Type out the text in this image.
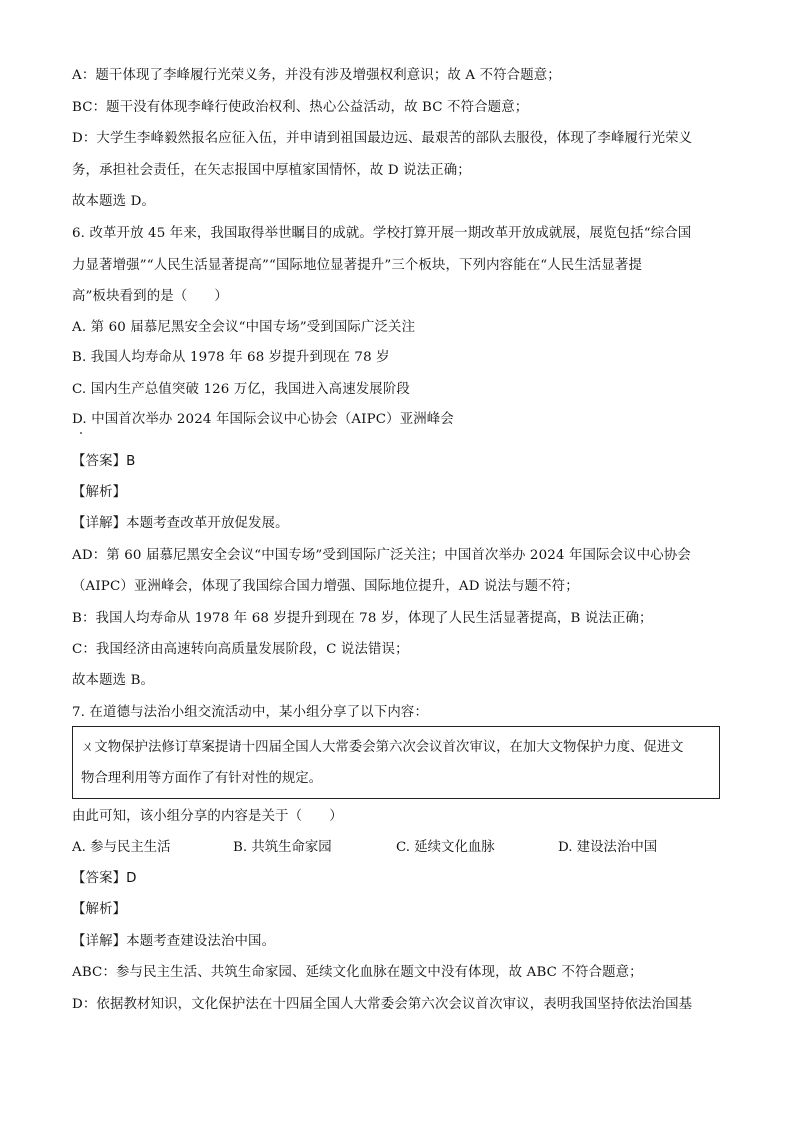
A：题干体现了李峰履行光荣义务，并没有涉及增强权利意识；故 A 不符合题意；
BC：题干没有体现李峰行使政治权利、热心公益活动，故 BC 不符合题意；
D：大学生李峰毅然报名应征入伍，并申请到祖国最边远、最艰苦的部队去服役，体现了李峰履行光荣义
务，承担社会责任，在矢志报国中厚植家国情怀，故 D 说法正确；
故本题选 D。
6. 改革开放 45 年来，我国取得举世瞩目的成就。学校打算开展一期改革开放成就展，展览包括“综合国
力显著增强”“人民生活显著提高”“国际地位显著提升”三个板块，下列内容能在“人民生活显著提
高”板块看到的是（　　）
A. 第 60 届慕尼黑安全会议“中国专场”受到国际广泛关注
B. 我国人均寿命从 1978 年 68 岁提升到现在 78 岁
C. 国内生产总值突破 126 万亿，我国进入高速发展阶段
D. 中国首次举办 2024 年国际会议中心协会（AIPC）亚洲峰会
【答案】B
【解析】
【详解】本题考查改革开放促发展。
AD：第 60 届慕尼黑安全会议“中国专场”受到国际广泛关注；中国首次举办 2024 年国际会议中心协会
（AIPC）亚洲峰会，体现了我国综合国力增强、国际地位提升，AD 说法与题不符；
B：我国人均寿命从 1978 年 68 岁提升到现在 78 岁，体现了人民生活显著提高，B 说法正确；
C：我国经济由高速转向高质量发展阶段，C 说法错误；
故本题选 B。
7. 在道德与法治小组交流活动中，某小组分享了以下内容：
ㄨ文物保护法修订草案提请十四届全国人大常委会第六次会议首次审议，在加大文物保护力度、促进文
物合理利用等方面作了有针对性的规定。
由此可知，该小组分享的内容是关于（　　）
A. 参与民主生活	B. 共筑生命家园	C. 延续文化血脉	D. 建设法治中国
【答案】D
【解析】
【详解】本题考查建设法治中国。
ABC：参与民主生活、共筑生命家园、延续文化血脉在题文中没有体现，故 ABC 不符合题意；
D：依据教材知识，文化保护法在十四届全国人大常委会第六次会议首次审议，表明我国坚持依法治国基
